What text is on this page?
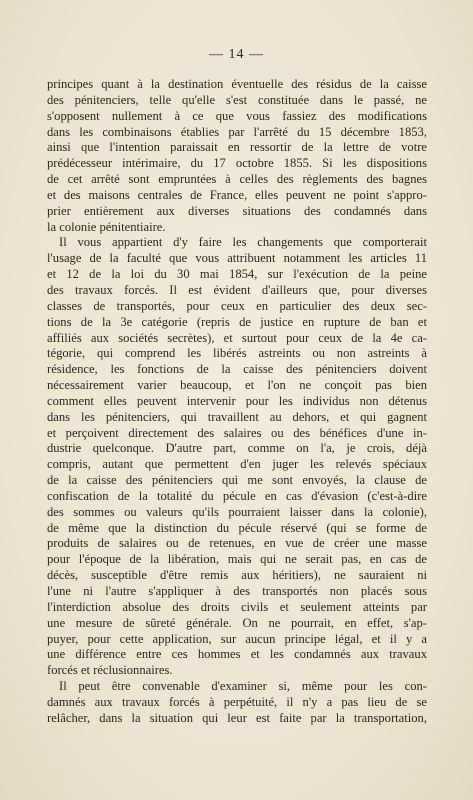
— 14 —
principes quant à la destination éventuelle des résidus de la caisse
des pénitenciers, telle qu'elle s'est constituée dans le passé, ne
s'opposent nullement à ce que vous fassiez des modifications
dans les combinaisons établies par l'arrêté du 15 décembre 1853,
ainsi que l'intention paraissait en ressortir de la lettre de votre
prédécesseur intérimaire, du 17 octobre 1855. Si les dispositions
de cet arrêté sont empruntées à celles des règlements des bagnes
et des maisons centrales de France, elles peuvent ne point s'appro-
prier entièrement aux diverses situations des condamnés dans
la colonie pénitentiaire.
Il vous appartient d'y faire les changements que comporterait
l'usage de la faculté que vous attribuent notamment les articles 11
et 12 de la loi du 30 mai 1854, sur l'exécution de la peine
des travaux forcés. Il est évident d'ailleurs que, pour diverses
classes de transportés, pour ceux en particulier des deux sec-
tions de la 3e catégorie (repris de justice en rupture de ban et
affiliés aux sociétés secrètes), et surtout pour ceux de la 4e ca-
tégorie, qui comprend les libérés astreints ou non astreints à
résidence, les fonctions de la caisse des pénitenciers doivent
nécessairement varier beaucoup, et l'on ne conçoit pas bien
comment elles peuvent intervenir pour les individus non détenus
dans les pénitenciers, qui travaillent au dehors, et qui gagnent
et perçoivent directement des salaires ou des bénéfices d'une in-
dustrie quelconque. D'autre part, comme on l'a, je crois, déjà
compris, autant que permettent d'en juger les relevés spéciaux
de la caisse des pénitenciers qui me sont envoyés, la clause de
confiscation de la totalité du pécule en cas d'évasion (c'est-à-dire
des sommes ou valeurs qu'ils pourraient laisser dans la colonie),
de même que la distinction du pécule réservé (qui se forme de
produits de salaires ou de retenues, en vue de créer une masse
pour l'époque de la libération, mais qui ne serait pas, en cas de
décès, susceptible d'être remis aux héritiers), ne sauraient ni
l'une ni l'autre s'appliquer à des transportés non placés sous
l'interdiction absolue des droits civils et seulement atteints par
une mesure de sûreté générale. On ne pourrait, en effet, s'ap-
puyer, pour cette application, sur aucun principe légal, et il y a
une différence entre ces hommes et les condamnés aux travaux
forcés et réclusionnaires.
Il peut être convenable d'examiner si, même pour les con-
damnés aux travaux forcés à perpétuité, il n'y a pas lieu de se
relâcher, dans la situation qui leur est faite par la transportation,
